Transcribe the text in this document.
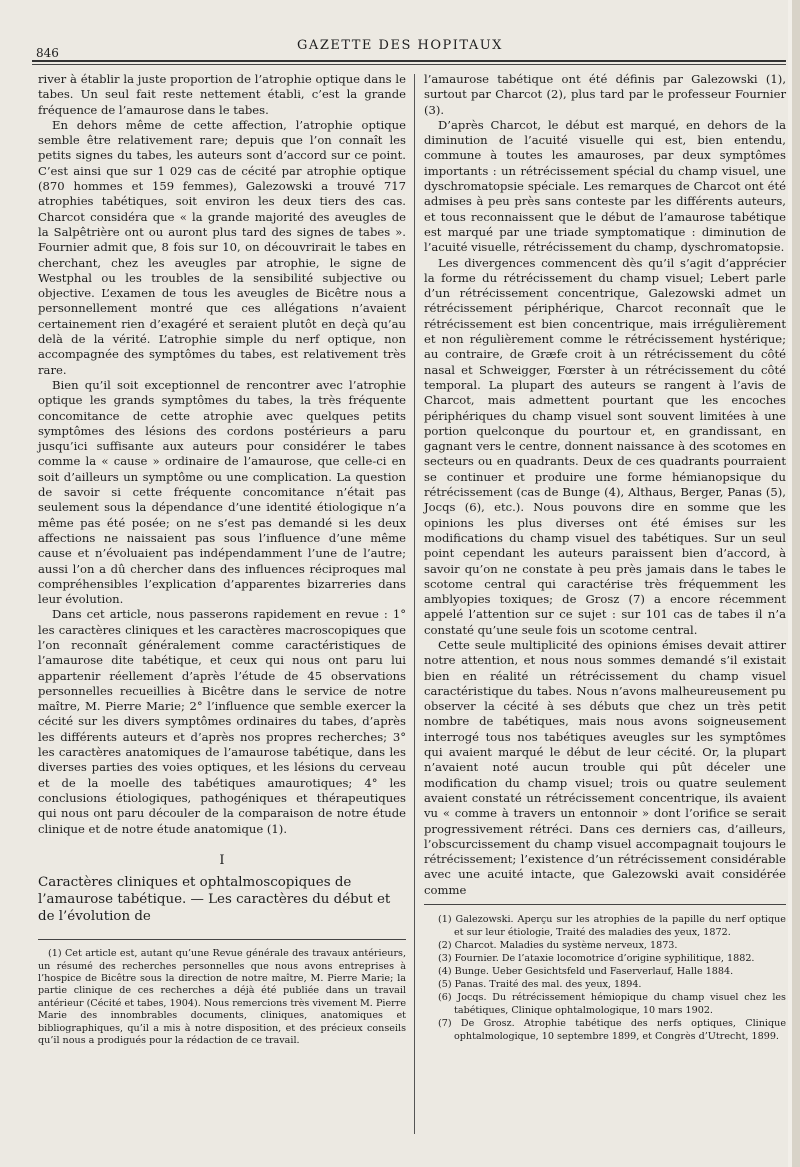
846	GAZETTE DES HOPITAUX

river à établir la juste proportion de l’atrophie optique dans le tabes. Un seul fait reste nettement établi, c’est la grande fréquence de l’amaurose dans le tabes.

En dehors même de cette affection, l’atrophie optique semble être relativement rare; depuis que l’on connaît les petits signes du tabes, les auteurs sont d’accord sur ce point. C’est ainsi que sur 1 029 cas de cécité par atrophie optique (870 hommes et 159 femmes), Galezowski a trouvé 717 atrophies tabétiques, soit environ les deux tiers des cas. Charcot considéra que « la grande majorité des aveugles de la Salpêtrière ont ou auront plus tard des signes de tabes ». Fournier admit que, 8 fois sur 10, on découvrirait le tabes en cherchant, chez les aveugles par atrophie, le signe de Westphal ou les troubles de la sensibilité subjective ou objective. L’examen de tous les aveugles de Bicêtre nous a personnellement montré que ces allégations n’avaient certainement rien d’exagéré et seraient plutôt en deçà qu’au delà de la vérité. L’atrophie simple du nerf optique, non accompagnée des symptômes du tabes, est relativement très rare.

Bien qu’il soit exceptionnel de rencontrer avec l’atrophie optique les grands symptômes du tabes, la très fréquente concomitance de cette atrophie avec quelques petits symptômes des lésions des cordons postérieurs a paru jusqu’ici suffisante aux auteurs pour considérer le tabes comme la « cause » ordinaire de l’amaurose, que celle-ci en soit d’ailleurs un symptôme ou une complication. La question de savoir si cette fréquente concomitance n’était pas seulement sous la dépendance d’une identité étiologique n’a même pas été posée; on ne s’est pas demandé si les deux affections ne naissaient pas sous l’influence d’une même cause et n’évoluaient pas indépendamment l’une de l’autre; aussi l’on a dû chercher dans des influences réciproques mal compréhensibles l’explication d’apparentes bizarreries dans leur évolution.

Dans cet article, nous passerons rapidement en revue : 1° les caractères cliniques et les caractères macroscopiques que l’on reconnaît généralement comme caractéristiques de l’amaurose dite tabétique, et ceux qui nous ont paru lui appartenir réellement d’après l’étude de 45 observations personnelles recueillies à Bicêtre dans le service de notre maître, M. Pierre Marie; 2° l’influence que semble exercer la cécité sur les divers symptômes ordinaires du tabes, d’après les différents auteurs et d’après nos propres recherches; 3° les caractères anatomiques de l’amaurose tabétique, dans les diverses parties des voies optiques, et les lésions du cerveau et de la moelle des tabétiques amaurotiques; 4° les conclusions étiologiques, pathogéniques et thérapeutiques qui nous ont paru découler de la comparaison de notre étude clinique et de notre étude anatomique (1).

I
Caractères cliniques et ophtalmoscopiques de l’amaurose tabétique. — Les caractères du début et de l’évolution de

(1) Cet article est, autant qu’une Revue générale des travaux antérieurs, un résumé des recherches personnelles que nous avons entreprises à l’hospice de Bicêtre sous la direction de notre maître, M. Pierre Marie; la partie clinique de ces recherches a déjà été publiée dans un travail antérieur (Cécité et tabes, 1904). Nous remercions très vivement M. Pierre Marie des innombrables documents, cliniques, anatomiques et bibliographiques, qu’il a mis à notre disposition, et des précieux conseils qu’il nous a prodigués pour la rédaction de ce travail.

l’amaurose tabétique ont été définis par Galezowski (1), surtout par Charcot (2), plus tard par le professeur Fournier (3).

D’après Charcot, le début est marqué, en dehors de la diminution de l’acuité visuelle qui est, bien entendu, commune à toutes les amauroses, par deux symptômes importants : un rétrécissement spécial du champ visuel, une dyschromatopsie spéciale. Les remarques de Charcot ont été admises à peu près sans conteste par les différents auteurs, et tous reconnaissent que le début de l’amaurose tabétique est marqué par une triade symptomatique : diminution de l’acuité visuelle, rétrécissement du champ, dyschromatopsie.

Les divergences commencent dès qu’il s’agit d’apprécier la forme du rétrécissement du champ visuel; Lebert parle d’un rétrécissement concentrique, Galezowski admet un rétrécissement périphérique, Charcot reconnaît que le rétrécissement est bien concentrique, mais irrégulièrement et non régulièrement comme le rétrécissement hystérique; au contraire, de Græfe croit à un rétrécissement du côté nasal et Schweigger, Fœrster à un rétrécissement du côté temporal. La plupart des auteurs se rangent à l’avis de Charcot, mais admettent pourtant que les encoches périphériques du champ visuel sont souvent limitées à une portion quelconque du pourtour et, en grandissant, en gagnant vers le centre, donnent naissance à des scotomes en secteurs ou en quadrants. Deux de ces quadrants pourraient se continuer et produire une forme hémianopsique du rétrécissement (cas de Bunge (4), Althaus, Berger, Panas (5), Jocqs (6), etc.). Nous pouvons dire en somme que les opinions les plus diverses ont été émises sur les modifications du champ visuel des tabétiques. Sur un seul point cependant les auteurs paraissent bien d’accord, à savoir qu’on ne constate à peu près jamais dans le tabes le scotome central qui caractérise très fréquemment les amblyopies toxiques; de Grosz (7) a encore récemment appelé l’attention sur ce sujet : sur 101 cas de tabes il n’a constaté qu’une seule fois un scotome central.

Cette seule multiplicité des opinions émises devait attirer notre attention, et nous nous sommes demandé s’il existait bien en réalité un rétrécissement du champ visuel caractéristique du tabes. Nous n’avons malheureusement pu observer la cécité à ses débuts que chez un très petit nombre de tabétiques, mais nous avons soigneusement interrogé tous nos tabétiques aveugles sur les symptômes qui avaient marqué le début de leur cécité. Or, la plupart n’avaient noté aucun trouble qui pût déceler une modification du champ visuel; trois ou quatre seulement avaient constaté un rétrécissement concentrique, ils avaient vu « comme à travers un entonnoir » dont l’orifice se serait progressivement rétréci. Dans ces derniers cas, d’ailleurs, l’obscurcissement du champ visuel accompagnait toujours le rétrécissement; l’existence d’un rétrécissement considérable avec une acuité intacte, que Galezowski avait considérée comme

(1) Galezowski. Aperçu sur les atrophies de la papille du nerf optique et sur leur étiologie, Traité des maladies des yeux, 1872.
(2) Charcot. Maladies du système nerveux, 1873.
(3) Fournier. De l’ataxie locomotrice d’origine syphilitique, 1882.
(4) Bunge. Ueber Gesichtsfeld und Faserverlauf, Halle 1884.
(5) Panas. Traité des mal. des yeux, 1894.
(6) Jocqs. Du rétrécissement hémiopique du champ visuel chez les tabétiques, Clinique ophtalmologique, 10 mars 1902.
(7) De Grosz. Atrophie tabétique des nerfs optiques, Clinique ophtalmologique, 10 septembre 1899, et Congrès d’Utrecht, 1899.
